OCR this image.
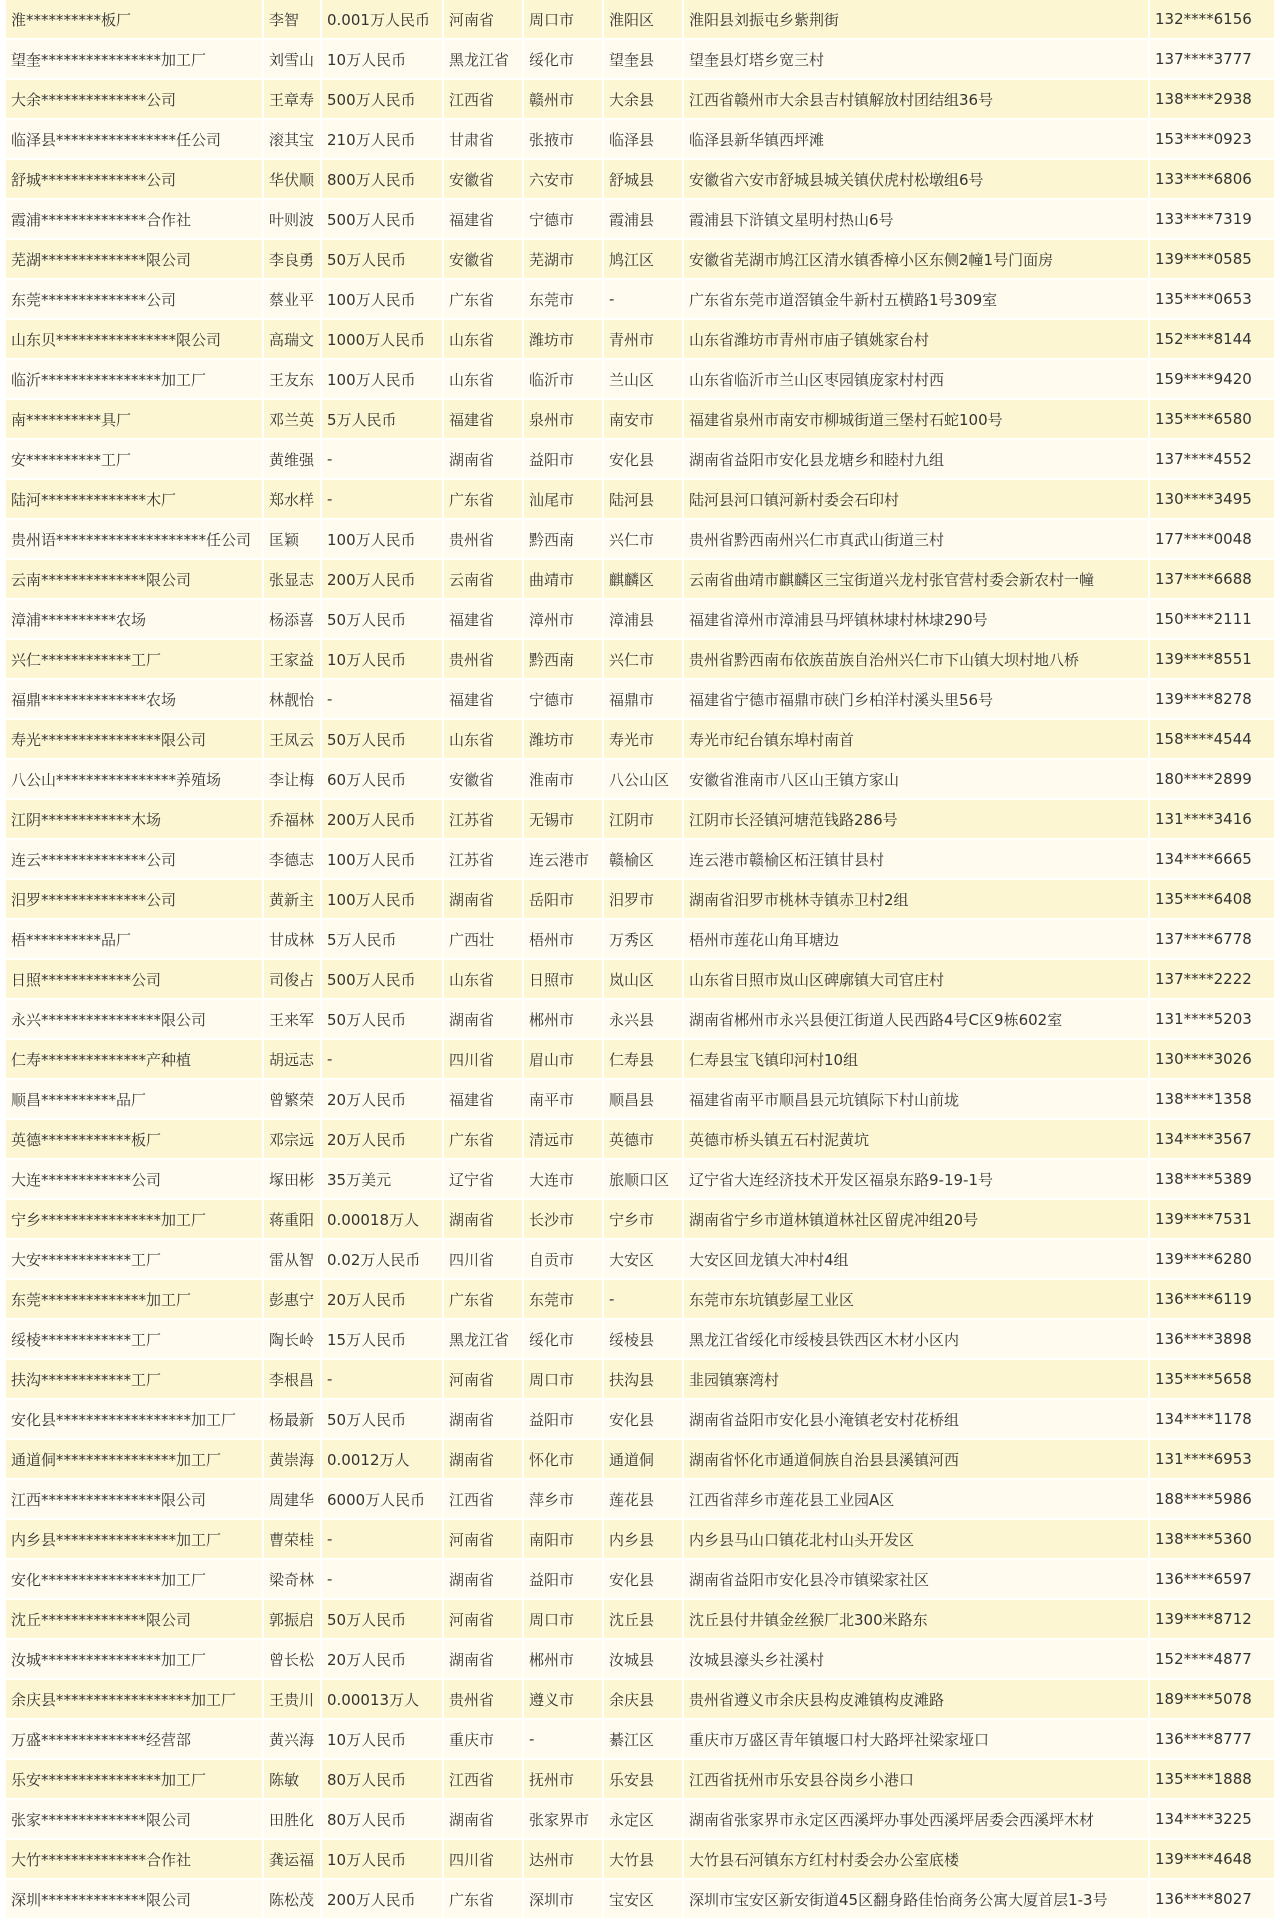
淮**********板厂	李智	0.001万人民币	河南省	周口市	淮阳区	淮阳县刘振屯乡紫荆街	132****6156
望奎****************加工厂	刘雪山 10万人民币	黑龙江省	绥化市	望奎县	望奎县灯塔乡宽三村	137****3777
大余**************公司	王章寿 500万人民币	江西省	赣州市	大余县	江西省赣州市大余县吉村镇解放村团结组36号	138****2938
临泽县****************任公司	滚其宝 210万人民币	甘肃省	张掖市	临泽县	临泽县新华镇西坪滩	153****0923
舒城**************公司	华伏顺 800万人民币	安徽省	六安市	舒城县	安徽省六安市舒城县城关镇伏虎村松墩组6号	133****6806
霞浦**************合作社	叶则波 500万人民币	福建省	宁德市	霞浦县	霞浦县下浒镇文星明村热山6号	133****7319
芜湖**************限公司	李良勇 50万人民币	安徽省	芜湖市	鸠江区	安徽省芜湖市鸠江区清水镇香樟小区东侧2幢1号门面房	139****0585
东莞**************公司	蔡业平 100万人民币	广东省	东莞市	-	广东省东莞市道滘镇金牛新村五横路1号309室	135****0653
山东贝****************限公司	高瑞文 1000万人民币	山东省	潍坊市	青州市	山东省潍坊市青州市庙子镇姚家台村	152****8144
临沂****************加工厂	王友东 100万人民币	山东省	临沂市	兰山区	山东省临沂市兰山区枣园镇庞家村村西	159****9420
南**********具厂	邓兰英 5万人民币	福建省	泉州市	南安市	福建省泉州市南安市柳城街道三堡村石蛇100号	135****6580
安**********工厂	黄维强 -	湖南省	益阳市	安化县	湖南省益阳市安化县龙塘乡和睦村九组	137****4552
陆河**************木厂	郑水样 -	广东省	汕尾市	陆河县	陆河县河口镇河新村委会石印村	130****3495
贵州语********************任公司	匡颖	100万人民币	贵州省	黔西南	兴仁市	贵州省黔西南州兴仁市真武山街道三村	177****0048
云南**************限公司	张显志 200万人民币	云南省	曲靖市	麒麟区	云南省曲靖市麒麟区三宝街道兴龙村张官营村委会新农村一幢	137****6688
漳浦**********农场	杨添喜 50万人民币	福建省	漳州市	漳浦县	福建省漳州市漳浦县马坪镇林埭村林埭290号	150****2111
兴仁************工厂	王家益 10万人民币	贵州省	黔西南	兴仁市	贵州省黔西南布依族苗族自治州兴仁市下山镇大坝村地八桥	139****8551
福鼎**************农场	林靓怡 -	福建省	宁德市	福鼎市	福建省宁德市福鼎市硖门乡柏洋村溪头里56号	139****8278
寿光****************限公司	王凤云 50万人民币	山东省	潍坊市	寿光市	寿光市纪台镇东埠村南首	158****4544
八公山****************养殖场	李让梅 60万人民币	安徽省	淮南市	八公山区	安徽省淮南市八区山王镇方家山	180****2899
江阴************木场	乔福林 200万人民币	江苏省	无锡市	江阴市	江阴市长泾镇河塘范钱路286号	131****3416
连云**************公司	李德志 100万人民币	江苏省	连云港市	赣榆区	连云港市赣榆区柘汪镇甘县村	134****6665
汨罗**************公司	黄新主 100万人民币	湖南省	岳阳市	汨罗市	湖南省汨罗市桃林寺镇赤卫村2组	135****6408
梧**********品厂	甘成林 5万人民币	广西壮	梧州市	万秀区	梧州市莲花山角耳塘边	137****6778
日照************公司	司俊占 500万人民币	山东省	日照市	岚山区	山东省日照市岚山区碑廓镇大司官庄村	137****2222
永兴****************限公司	王来军 50万人民币	湖南省	郴州市	永兴县	湖南省郴州市永兴县便江街道人民西路4号C区9栋602室	131****5203
仁寿**************产种植	胡远志 -	四川省	眉山市	仁寿县	仁寿县宝飞镇印河村10组	130****3026
顺昌**********品厂	曾繁荣 20万人民币	福建省	南平市	顺昌县	福建省南平市顺昌县元坑镇际下村山前垅	138****1358
英德************板厂	邓宗远 20万人民币	广东省	清远市	英德市	英德市桥头镇五石村泥黄坑	134****3567
大连************公司	塚田彬 35万美元	辽宁省	大连市	旅顺口区	辽宁省大连经济技术开发区福泉东路9-19-1号	138****5389
宁乡****************加工厂	蒋重阳 0.00018万人	湖南省	长沙市	宁乡市	湖南省宁乡市道林镇道林社区留虎冲组20号	139****7531
大安************工厂	雷从智 0.02万人民币	四川省	自贡市	大安区	大安区回龙镇大冲村4组	139****6280
东莞**************加工厂	彭惠宁 20万人民币	广东省	东莞市	-	东莞市东坑镇彭屋工业区	136****6119
绥棱************工厂	陶长岭 15万人民币	黑龙江省	绥化市	绥棱县	黑龙江省绥化市绥棱县铁西区木材小区内	136****3898
扶沟************工厂	李根昌 -	河南省	周口市	扶沟县	韭园镇寨湾村	135****5658
安化县******************加工厂	杨最新 50万人民币	湖南省	益阳市	安化县	湖南省益阳市安化县小淹镇老安村花桥组	134****1178
通道侗****************加工厂	黄崇海 0.0012万人	湖南省	怀化市	通道侗	湖南省怀化市通道侗族自治县县溪镇河西	131****6953
江西****************限公司	周建华 6000万人民币	江西省	萍乡市	莲花县	江西省萍乡市莲花县工业园A区	188****5986
内乡县****************加工厂	曹荣桂 -	河南省	南阳市	内乡县	内乡县马山口镇花北村山头开发区	138****5360
安化****************加工厂	梁奇林 -	湖南省	益阳市	安化县	湖南省益阳市安化县冷市镇梁家社区	136****6597
沈丘**************限公司	郭振启 50万人民币	河南省	周口市	沈丘县	沈丘县付井镇金丝猴厂北300米路东	139****8712
汝城****************加工厂	曾长松 20万人民币	湖南省	郴州市	汝城县	汝城县濠头乡社溪村	152****4877
余庆县******************加工厂	王贵川 0.00013万人	贵州省	遵义市	余庆县	贵州省遵义市余庆县构皮滩镇构皮滩路	189****5078
万盛**************经营部	黄兴海 10万人民币	重庆市	-	綦江区	重庆市万盛区青年镇堰口村大路坪社梁家垭口	136****8777
乐安****************加工厂	陈敏	80万人民币	江西省	抚州市	乐安县	江西省抚州市乐安县谷岗乡小港口	135****1888
张家**************限公司	田胜化 80万人民币	湖南省	张家界市	永定区	湖南省张家界市永定区西溪坪办事处西溪坪居委会西溪坪木材	134****3225
大竹**************合作社	龚运福 10万人民币	四川省	达州市	大竹县	大竹县石河镇东方红村村委会办公室底楼	139****4648
深圳**************限公司	陈松茂 200万人民币	广东省	深圳市	宝安区	深圳市宝安区新安街道45区翻身路佳怡商务公寓大厦首层1-3号	136****8027
